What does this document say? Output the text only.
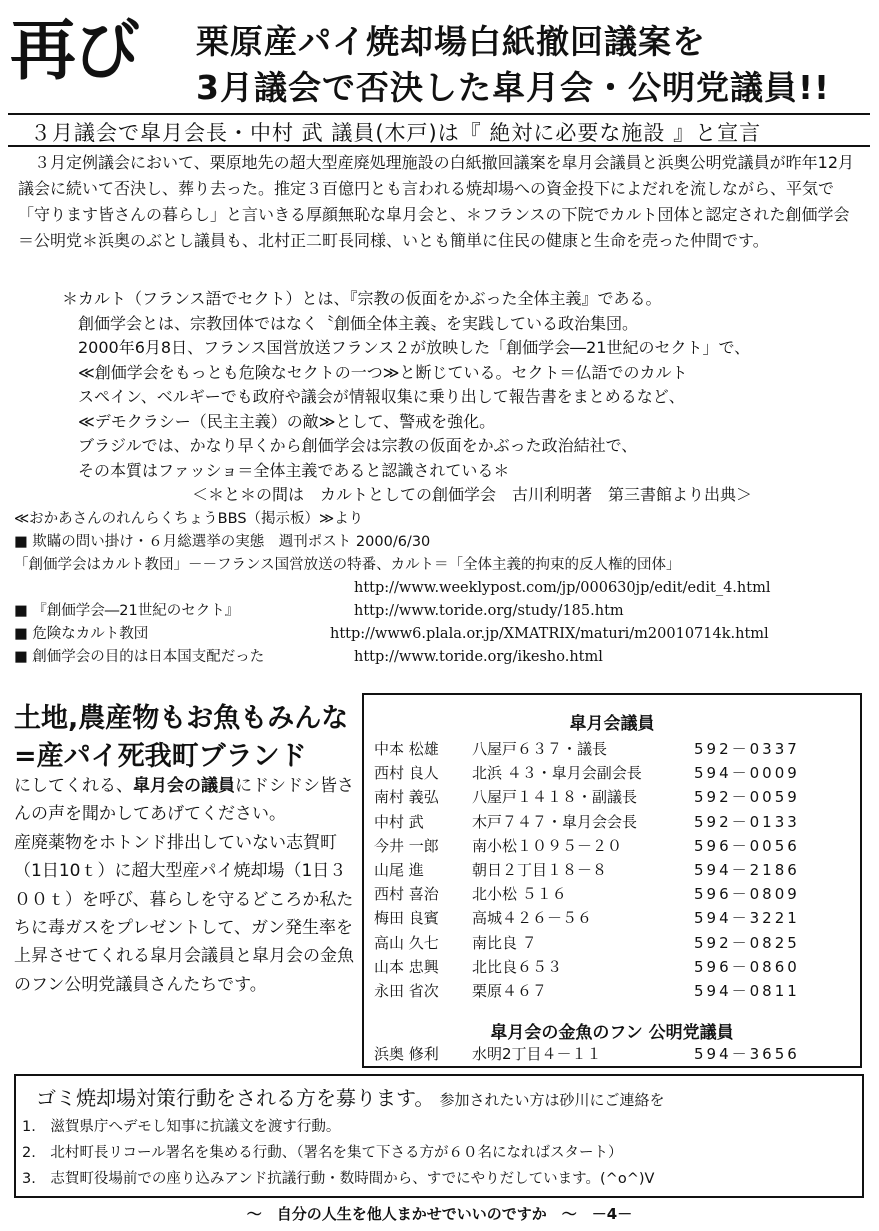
再び 栗原産パイ焼却場白紙撤回議案を
3月議会で否決した皐月会・公明党議員!!
３月議会で皐月会長・中村 武 議員(木戸)は『 絶対に必要な施設 』と宣言
３月定例議会において、栗原地先の超大型産廃処理施設の白紙撤回議案を皐月会議員と浜奥公明党議員が昨年12月議会に続いて否決し、葬り去った。推定３百億円とも言われる焼却場への資金投下によだれを流しながら、平気で「守ります皆さんの暮らし」と言いきる厚顔無恥な皐月会と、＊フランスの下院でカルト団体と認定された創価学会＝公明党＊浜奥のぶとし議員も、北村正二町長同様、いとも簡単に住民の健康と生命を売った仲間です。
＊カルト（フランス語でセクト）とは、『宗教の仮面をかぶった全体主義』である。
　創価学会とは、宗教団体ではなく〝創価全体主義〟を実践している政治集団。
　2000年6月8日、フランス国営放送フランス２が放映した「創価学会―21世紀のセクト」で、
　≪創価学会をもっとも危険なセクトの一つ≫と断じている。セクト＝仏語でのカルト
　スペイン、ベルギーでも政府や議会が情報収集に乗り出して報告書をまとめるなど、
　≪デモクラシー（民主主義）の敵≫として、警戒を強化。
　ブラジルでは、かなり早くから創価学会は宗教の仮面をかぶった政治結社で、
　その本質はファッショ＝全体主義であると認識されている＊
＜＊と＊の間は　カルトとしての創価学会　古川利明著　第三書館より出典＞
≪おかあさんのれんらくちょうBBS（掲示板）≫より
■ 欺瞞の問い掛け・６月総選挙の実態　週刊ポスト 2000/6/30
「創価学会はカルト教団」－－フランス国営放送の特番、カルト＝「全体主義的拘束的反人権的団体」
http://www.weeklypost.com/jp/000630jp/edit/edit_4.html
■ 『創価学会―21世紀のセクト』	http://www.toride.org/study/185.htm
■ 危険なカルト教団	http://www6.plala.or.jp/XMATRIX/maturi/m20010714k.html
■ 創価学会の目的は日本国支配だった	http://www.toride.org/ikesho.html
土地,農産物もお魚もみんな=産パイ死我町ブランド
にしてくれる、皐月会の議員にドシドシ皆さんの声を聞かしてあげてください。
産廃薬物をホトンド排出していない志賀町（1日10ｔ）に超大型産パイ焼却場（1日３００ｔ）を呼び、暮らしを守るどころか私たちに毒ガスをプレゼントして、ガン発生率を上昇させてくれる皐月会議員と皐月会の金魚のフン公明党議員さんたちです。
皐月会議員
中本 松雄 八屋戸６３７・議長	592－0337
西村 良人 北浜 ４３・皐月会副会長	594－0009
南村 義弘 八屋戸１４１８・副議長	592－0059
中村 武	木戸７４７・皐月会会長	592－0133
今井 一郎 南小松１０９５－２０	596－0056
山尾 進	朝日２丁目１８－８	594－2186
西村 喜治 北小松 ５１６	596－0809
梅田 良賓 高城４２６－５６	594－3221
高山 久七 南比良 ７	592－0825
山本 忠興 北比良６５３	596－0860
永田 省次 栗原４６７	594－0811
皐月会の金魚のフン 公明党議員
浜奥 修利 水明2丁目４－１１	594－3656
ゴミ焼却場対策行動をされる方を募ります。 参加されたい方は砂川にご連絡を
1.　滋賀県庁へデモし知事に抗議文を渡す行動。
2.　北村町長リコール署名を集める行動、（署名を集て下さる方が６０名になればスタート）
3.　志賀町役場前での座り込みアンド抗議行動・数時間から、すでにやりだしています。(^o^)V
～　自分の人生を他人まかせでいいのですか　～　－4－
